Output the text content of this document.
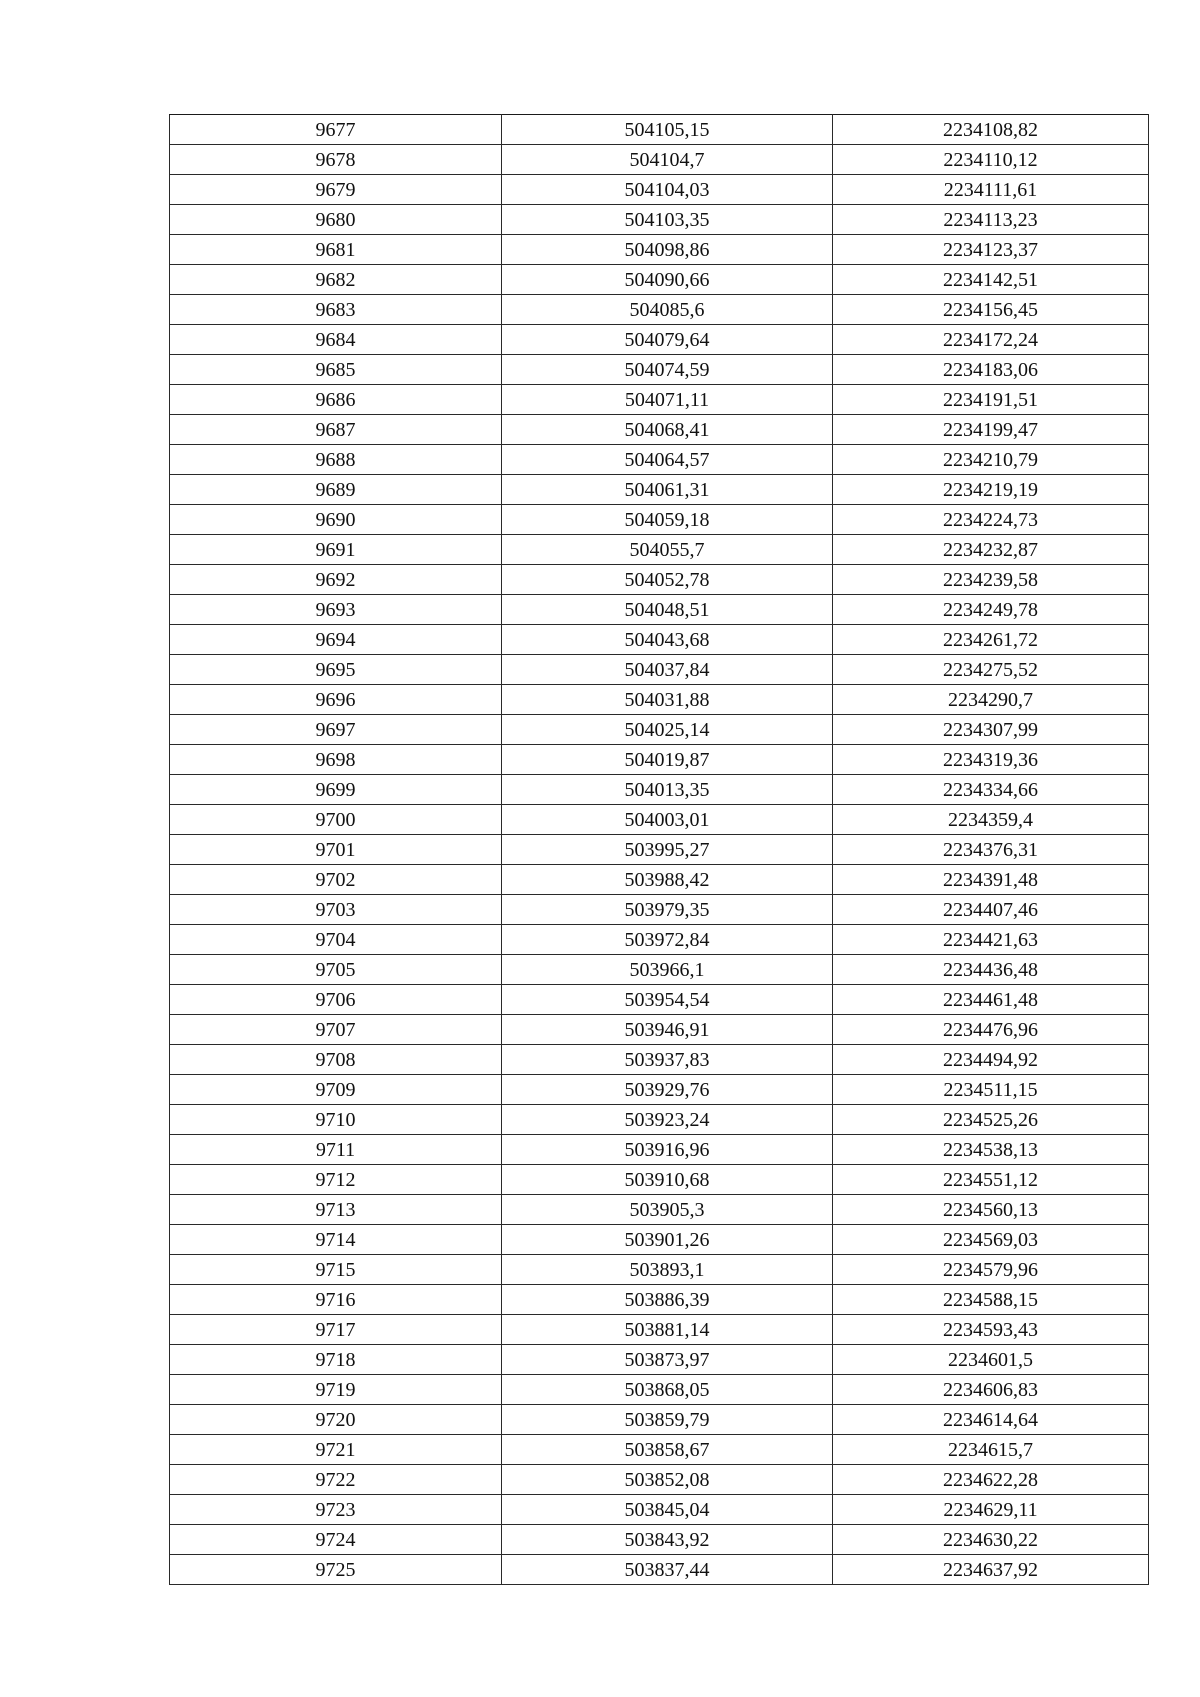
9677	504105,15	2234108,82
9678	504104,7	2234110,12
9679	504104,03	2234111,61
9680	504103,35	2234113,23
9681	504098,86	2234123,37
9682	504090,66	2234142,51
9683	504085,6	2234156,45
9684	504079,64	2234172,24
9685	504074,59	2234183,06
9686	504071,11	2234191,51
9687	504068,41	2234199,47
9688	504064,57	2234210,79
9689	504061,31	2234219,19
9690	504059,18	2234224,73
9691	504055,7	2234232,87
9692	504052,78	2234239,58
9693	504048,51	2234249,78
9694	504043,68	2234261,72
9695	504037,84	2234275,52
9696	504031,88	2234290,7
9697	504025,14	2234307,99
9698	504019,87	2234319,36
9699	504013,35	2234334,66
9700	504003,01	2234359,4
9701	503995,27	2234376,31
9702	503988,42	2234391,48
9703	503979,35	2234407,46
9704	503972,84	2234421,63
9705	503966,1	2234436,48
9706	503954,54	2234461,48
9707	503946,91	2234476,96
9708	503937,83	2234494,92
9709	503929,76	2234511,15
9710	503923,24	2234525,26
9711	503916,96	2234538,13
9712	503910,68	2234551,12
9713	503905,3	2234560,13
9714	503901,26	2234569,03
9715	503893,1	2234579,96
9716	503886,39	2234588,15
9717	503881,14	2234593,43
9718	503873,97	2234601,5
9719	503868,05	2234606,83
9720	503859,79	2234614,64
9721	503858,67	2234615,7
9722	503852,08	2234622,28
9723	503845,04	2234629,11
9724	503843,92	2234630,22
9725	503837,44	2234637,92
